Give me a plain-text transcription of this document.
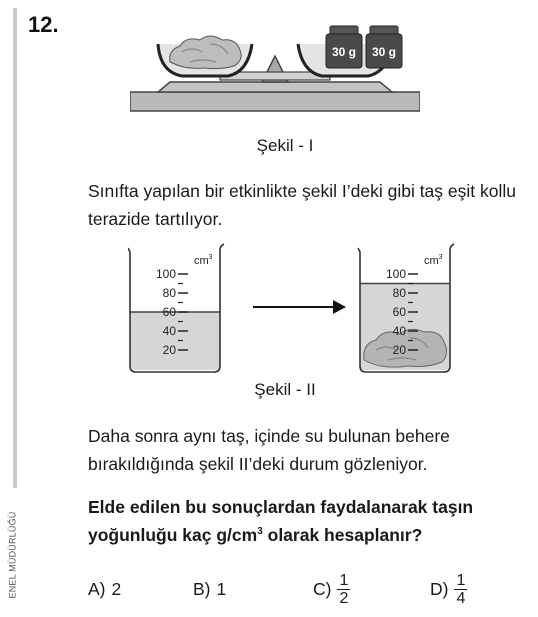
ENEL MÜDÜRLÜĞÜ
12.
30 g 30 g
Şekil - I

Sınıfta yapılan bir etkinlikte şekil I’deki gibi taş eşit kollu terazide tartılıyor.

$cm^3$
100
80
60
40
20
$cm^3$
100
80
60
40
20
Şekil - II

Daha sonra aynı taş, içinde su bulunan behere bırakıldığında şekil II’deki durum gözleniyor.

Elde edilen bu sonuçlardan faydalanarak taşın yoğunluğu kaç $g/cm^3$ olarak hesaplanır?

A) 2	B) 1	$C) \frac{1}{2}$	$D) \frac{1}{4}$
